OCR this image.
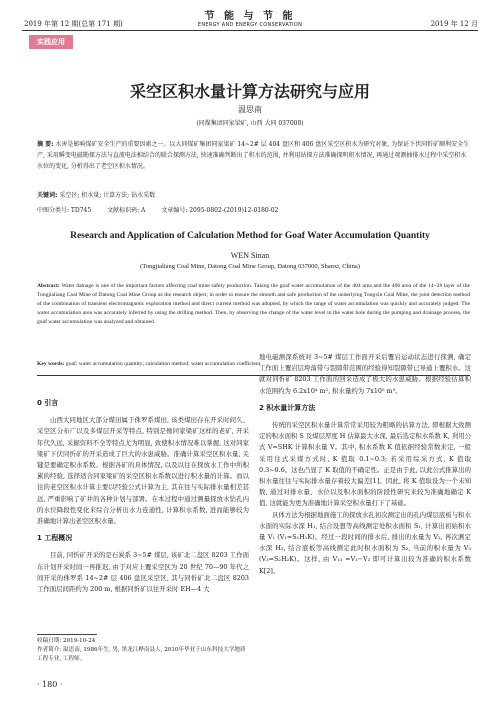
2019 年第 12 期(总第 171 期)
节 能 与 节 能
ENERGY AND ENERGY CONSERVATION	2019 年 12 月
实践应用
采空区积水量计算方法研究与应用
温思南
(同煤集团同家梁矿, 山西 大同 037000)
摘 要: 水害是影响煤矿安全生产的重要因素之一。以大同煤矿集团同家梁矿 14~2# 层 404 盘区和 406 盘区采空区积水为研究对象, 为保证下伏同忻矿顺利安全生产, 采用瞬变电磁勘探方法与直流电法相结合的联合探测方法, 快速准确判断出了积水的范围, 并利用钻探方法准确探明积水情况, 再通过观测抽排水过程中采空积水水位的变化, 分析得出了老空区积水情况。
关键词: 采空区; 积水量; 计算方法; 钻水采数
中图分类号: TD745	文献标识码: A	文章编号: 2095-0802-(2019)12-0180-02
Research and Application of Calculation Method for Goaf Water Accumulation Quantity
WEN Sinan
(Tongjialiang Coal Mine, Datong Coal Mine Group, Datong 037000, Shanxi, China)
Abstract: Water damage is one of the important factors affecting coal mine safety production. Taking the goaf water accumulation of the 404 area and the 406 area of the 14~2# layer of the Tongjialiang Coal Mine of Datong Coal Mine Group as the research object, in order to ensure the smooth and safe production of the underlying Tongxin Coal Mine, the joint detection method of the combination of transient electromagnetic exploration method and direct current method was adopted, by which the range of water accumulation was quickly and accurately judged. The water accumulation area was accurately inferred by using the drilling method. Then, by observing the change of the water level in the water hole during the pumping and drainage process, the goaf water accumulation was analyzed and obtained.
Key words: goaf; water accumulation quantity; calculation method; water accumulation coefficient
0 引言

山西大同地区大部分煤田属于侏罗系煤田, 该类煤田存在开采时间久、采空区分布广以及多煤层开采等特点, 特别是像同家梁矿这样的老矿, 开采年代久远, 采掘资料不全等特点尤为明显, 致使积水情况难以掌握, 这对同家梁矿下伏同忻矿的开采造成了巨大的水患威胁。准确计算采空区积水量, 关键是要确定积水系数。根据各矿的具体情况, 以及以往在探放水工作中所积累的经验, 选择适合同家梁矿的采空区积水系数以进行积水量的计算。而以往的老空区积水计算主要以经验公式计算为主, 其在往与实际排水量相差甚远, 严重影响了矿井的各种计划与部署。在本过程中通过测量探放水钻孔内的水位降段性变化来综合分析出水力连通性, 计算积水系数, 进而能够较为准确地计算出老空区积水量。

1 工程概况

目前, 同忻矿开采的是石炭系 3~5# 煤层, 该矿北二盘区 8203 工作面东计划开采时间一再推迟, 由于对应上覆采空区为 20 世纪 70—90 年代之间开采的侏罗系 14~2# 层 406 盘区采空区, 其与同忻矿北二盘区 8203 工作面层间距约为 200 m, 根据同忻矿以往开采时 EH—4 大

地电磁测深系统对 3~5# 煤层工作面开采后覆岩运动状态进行探测, 确定工作面上覆岩层垮落带与裂隙带范围的经验得知裂隙带已导通上覆积水。这就对同忻矿 8203 工作面的回采造成了极大的水患威胁。根据经验估算积水范围约为 6.2x10⁴ m², 积水量约为 7x10⁵ m³。

2 积水量计算方法

传统的采空区积水量计算常常采用较为粗略的估算方法, 即根据大致测定的积水面积 S 及煤层厚度 H 估算最大水深, 最后选定积水系数 K, 利用公式 V=SHK 计算积水量 V。其中, 积水系数 K 值依据经验常数来定, 一般采用往式采煤方式时, K 值取 0.1~0.3; 若采用综采方式, K 值取 0.3~0.6。这也凸显了 K 取值的不确定性。正是由于此, 以此公式推算出的积水量往往与实际排水量存着较大偏差[1]。因此, 将 K 值取设为一个未知数, 通过对排水量、水位以及积水面积的阶段性研究来较为准确地确定 K 值, 这就能为更为准确地计算采空积水量打下了基础。

具体方法为根据地面施工的探放水孔初次测定出的孔内煤层底板与积水水面的实际水深 H₁, 结合设想等高线测定处积水面积 S₁, 计算出初始积水量 V₁ (V₁=S₁H₁K)。经过一段时间的排水后, 排出的水量为 V₂, 再次测定水深 H₂, 结合底板等高线测定此时积水面积为 S₂, 当前的积水量为 V₃ (V₃=S₂H₂K)。这样, 由 V₁₃ =V₁−V₃ 即可计算出较为准确的积水系数 K[2]。

收稿日期: 2019-10-24
作者简介: 温思南, 1986年生, 男, 黑龙江桦南县人, 2010年毕业于山东科技大学地质工程专业, 工程师。
· 180 ·
